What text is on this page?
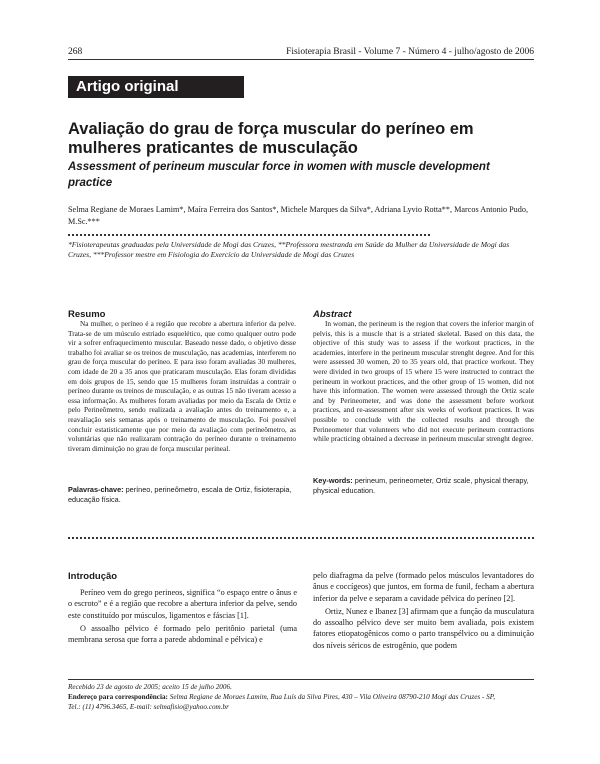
268	Fisioterapia Brasil - Volume 7 - Número 4 - julho/agosto de 2006
Artigo original
Avaliação do grau de força muscular do períneo em mulheres praticantes de musculação
Assessment of perineum muscular force in women with muscle development practice
Selma Regiane de Moraes Lamim*, Maíra Ferreira dos Santos*, Michele Marques da Silva*, Adriana Lyvio Rotta**, Marcos Antonio Pudo, M.Sc.***
*Fisioterapeutas graduadas pela Universidade de Mogi das Cruzes, **Professora mestranda em Saúde da Mulher da Universidade de Mogi das Cruzes, ***Professor mestre em Fisiologia do Exercício da Universidade de Mogi das Cruzes
Resumo

Na mulher, o períneo é a região que recobre a abertura inferior da pelve. Trata-se de um músculo estriado esquelético, que como qualquer outro pode vir a sofrer enfraquecimento muscular. Baseado nesse dado, o objetivo desse trabalho foi avaliar se os treinos de musculação, nas academias, interferem no grau de força muscular do períneo. E para isso foram avaliadas 30 mulheres, com idade de 20 a 35 anos que praticaram musculação. Elas foram divididas em dois grupos de 15, sendo que 15 mulheres foram instruídas a contrair o períneo durante os treinos de musculação, e as outras 15 não tiveram acesso a essa informação. As mulheres foram avaliadas por meio da Escala de Ortiz e pelo Perineômetro, sendo realizada a avaliação antes do treinamento e, a reavaliação seis semanas após o treinamento de musculação. Foi possível concluir estatisticamente que por meio da avaliação com perineômetro, as voluntárias que não realizaram contração do períneo durante o treinamento tiveram diminuição no grau de força muscular perineal.

Palavras-chave: períneo, perineômetro, escala de Ortiz, fisioterapia, educação física.
Abstract

In woman, the perineum is the region that covers the inferior margin of pelvis, this is a muscle that is a striated skeletal. Based on this data, the objective of this study was to assess if the workout practices, in the academies, interfere in the perineum muscular strenght degree. And for this were assessed 30 women, 20 to 35 years old, that practice workout. They were divided in two groups of 15 where 15 were instructed to contract the perineum in workout practices, and the other group of 15 women, did not have this information. The women were assessed through the Ortiz scale and by Perineometer, and was done the assessment before workout practices, and re-assessment after six weeks of workout practices. It was possible to conclude with the collected results and through the Perineometer that volunteers who did not execute perineum contractions while practicing obtained a decrease in perineum muscular strenght degree.

Key-words: perineum, perineometer, Ortiz scale, physical therapy, physical education.
Introdução

Períneo vem do grego perineos, significa “o espaço entre o ânus e o escroto” e é a região que recobre a abertura inferior da pelve, sendo este constituído por músculos, ligamentos e fáscias [1].

O assoalho pélvico é formado pelo peritônio parietal (uma membrana serosa que forra a parede abdominal e pélvica) e

pelo diafragma da pelve (formado pelos músculos levantadores do ânus e coccígeos) que juntos, em forma de funil, fecham a abertura inferior da pelve e separam a cavidade pélvica do períneo [2].

Ortiz, Nunez e Ibanez [3] afirmam que a função da musculatura do assoalho pélvico deve ser muito bem avaliada, pois existem fatores etiopatogênicos como o parto transpélvico ou a diminuição dos níveis séricos de estrogênio, que podem

Recebido 23 de agosto de 2005; aceito 15 de julho 2006.
Endereço para correspondência: Selma Regiane de Moraes Lamim, Rua Luís da Silva Pires, 430 – Vila Oliveira 08790-210 Mogi das Cruzes - SP,
Tel.: (11) 4796.3465, E-mail: selmafisio@yahoo.com.br
